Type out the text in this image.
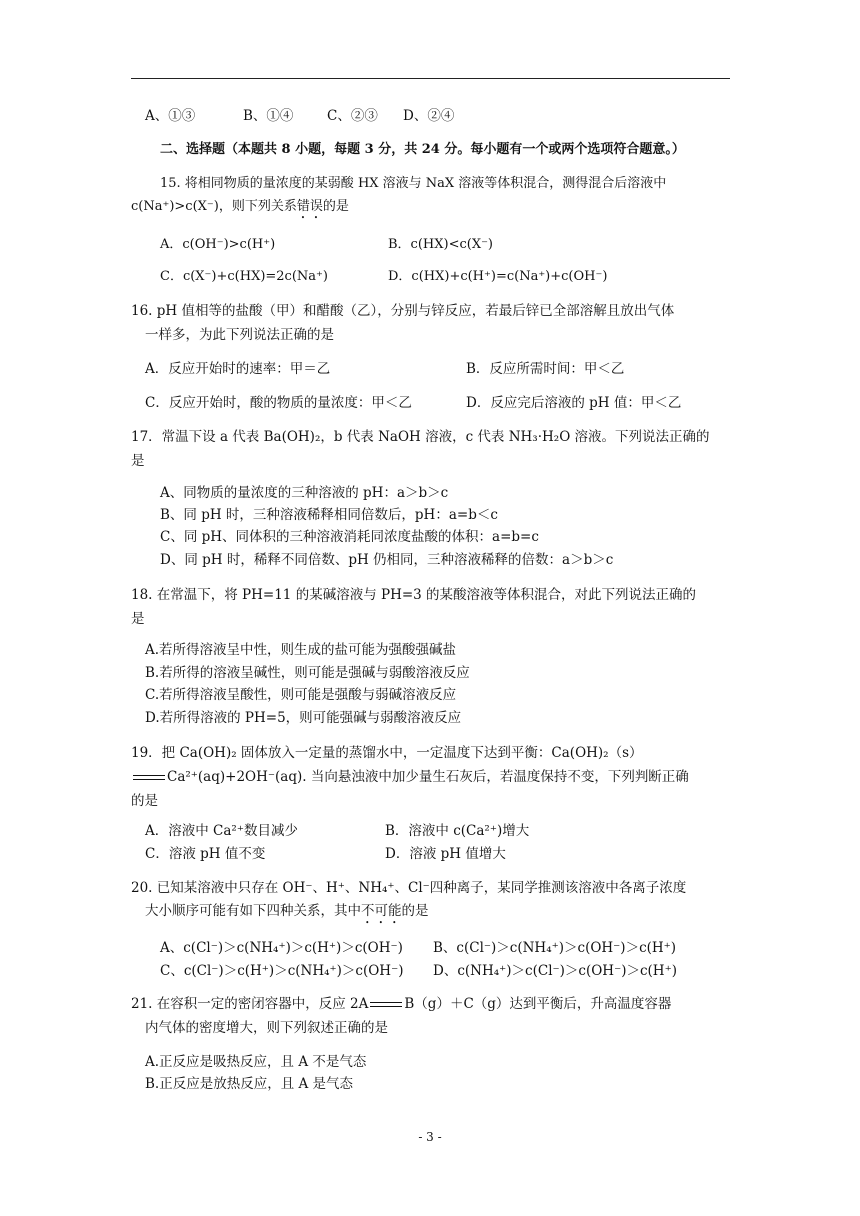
A、①③	B、①④ C、②③ D、②④
二、选择题（本题共 8 小题，每题 3 分，共 24 分。每小题有一个或两个选项符合题意。）
15. 将相同物质的量浓度的某弱酸 HX 溶液与 NaX 溶液等体积混合，测得混合后溶液中
c(Na⁺)>c(X⁻)，则下列关系错误的是
A．c(OH⁻)>c(H⁺)	B．c(HX)<c(X⁻)
C．c(X⁻)+c(HX)=2c(Na⁺)	D．c(HX)+c(H⁺)=c(Na⁺)+c(OH⁻)
16. pH 值相等的盐酸（甲）和醋酸（乙），分别与锌反应，若最后锌已全部溶解且放出气体
一样多，为此下列说法正确的是
A．反应开始时的速率：甲＝乙	B．反应所需时间：甲＜乙
C．反应开始时，酸的物质的量浓度：甲＜乙	D．反应完后溶液的 pH 值：甲＜乙
17．常温下设 a 代表 Ba(OH)₂，b 代表 NaOH 溶液，c 代表 NH₃·H₂O 溶液。下列说法正确的
是
A、同物质的量浓度的三种溶液的 pH：a＞b＞c
B、同 pH 时，三种溶液稀释相同倍数后，pH：a=b＜c
C、同 pH、同体积的三种溶液消耗同浓度盐酸的体积：a=b=c
D、同 pH 时，稀释不同倍数、pH 仍相同，三种溶液稀释的倍数：a＞b＞c
18. 在常温下，将 PH=11 的某碱溶液与 PH=3 的某酸溶液等体积混合，对此下列说法正确的
是
A.若所得溶液呈中性，则生成的盐可能为强酸强碱盐
B.若所得的溶液呈碱性，则可能是强碱与弱酸溶液反应
C.若所得溶液呈酸性，则可能是强酸与弱碱溶液反应
D.若所得溶液的 PH=5，则可能强碱与弱酸溶液反应
19．把 Ca(OH)₂ 固体放入一定量的蒸馏水中，一定温度下达到平衡：Ca(OH)₂（s）
Ca²⁺(aq)+2OH⁻(aq). 当向悬浊液中加少量生石灰后，若温度保持不变，下列判断正确
的是
A．溶液中 Ca²⁺数目减少	B．溶液中 c(Ca²⁺)增大
C．溶液 pH 值不变	D．溶液 pH 值增大
20. 已知某溶液中只存在 OH⁻、H⁺、NH₄⁺、Cl⁻四种离子，某同学推测该溶液中各离子浓度
大小顺序可能有如下四种关系，其中不可能的是
A、c(Cl⁻)＞c(NH₄⁺)＞c(H⁺)＞c(OH⁻) B、c(Cl⁻)＞c(NH₄⁺)＞c(OH⁻)＞c(H⁺)
C、c(Cl⁻)＞c(H⁺)＞c(NH₄⁺)＞c(OH⁻) D、c(NH₄⁺)＞c(Cl⁻)＞c(OH⁻)＞c(H⁺)
21. 在容积一定的密闭容器中，反应 2A	B（g）＋C（g）达到平衡后，升高温度容器
内气体的密度增大，则下列叙述正确的是
A.正反应是吸热反应，且 A 不是气态
B.正反应是放热反应，且 A 是气态
- 3 -
